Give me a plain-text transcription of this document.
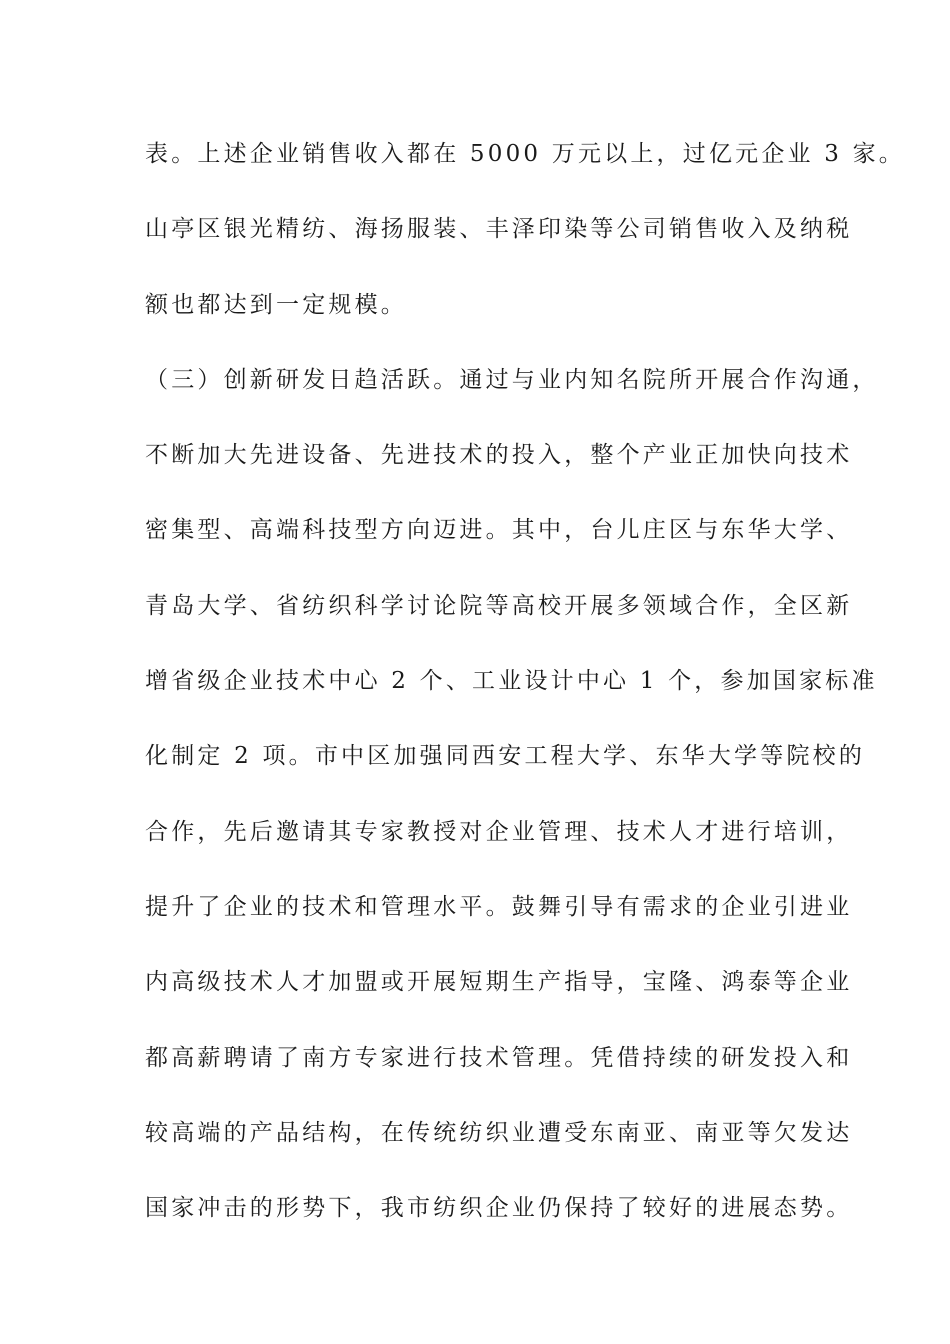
表。上述企业销售收入都在 5000 万元以上，过亿元企业 3 家。
山亭区银光精纺、海扬服装、丰泽印染等公司销售收入及纳税
额也都达到一定规模。
（三）创新研发日趋活跃。通过与业内知名院所开展合作沟通，
不断加大先进设备、先进技术的投入，整个产业正加快向技术
密集型、高端科技型方向迈进。其中，台儿庄区与东华大学、
青岛大学、省纺织科学讨论院等高校开展多领域合作，全区新
增省级企业技术中心 2 个、工业设计中心 1 个，参加国家标准
化制定 2 项。市中区加强同西安工程大学、东华大学等院校的
合作，先后邀请其专家教授对企业管理、技术人才进行培训，
提升了企业的技术和管理水平。鼓舞引导有需求的企业引进业
内高级技术人才加盟或开展短期生产指导，宝隆、鸿泰等企业
都高薪聘请了南方专家进行技术管理。凭借持续的研发投入和
较高端的产品结构，在传统纺织业遭受东南亚、南亚等欠发达
国家冲击的形势下，我市纺织企业仍保持了较好的进展态势。
